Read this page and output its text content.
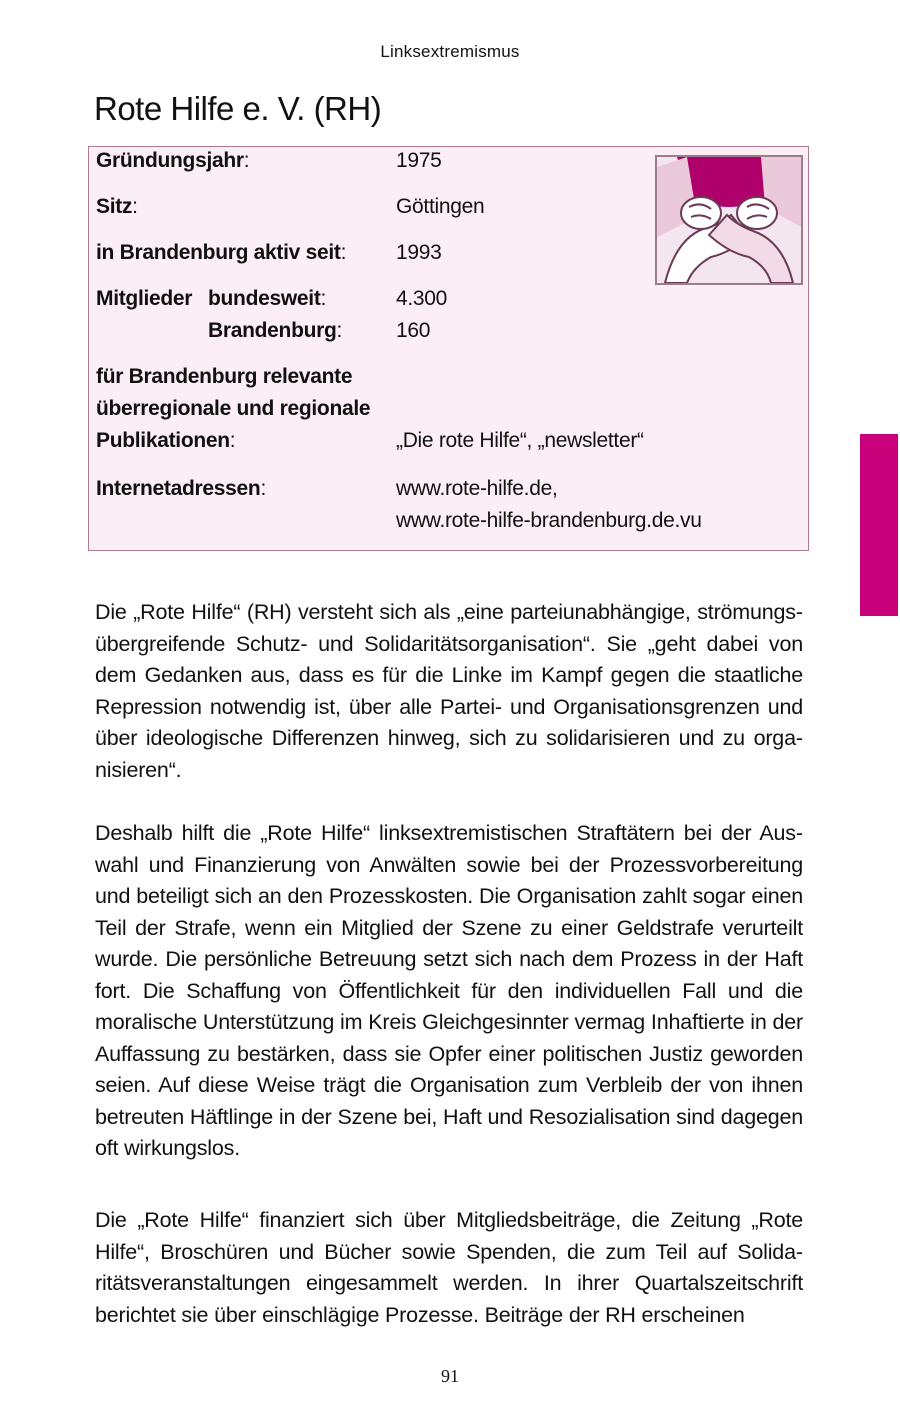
Linksextremismus
Rote Hilfe e. V. (RH)
Gründungsjahr:	1975
Sitz:	Göttingen
in Brandenburg aktiv seit: 1993
Mitglieder bundesweit:	4.300
Brandenburg:	160
für Brandenburg relevante
überregionale und regionale
Publikationen:	„Die rote Hilfe“, „newsletter“
Internetadressen:	www.rote-hilfe.de,
www.rote-hilfe-brandenburg.de.vu

Die „Rote Hilfe“ (RH) versteht sich als „eine parteiunabhängige, strömungsübergreifende Schutz- und Solidaritätsorganisation“. Sie „geht dabei von dem Gedanken aus, dass es für die Linke im Kampf gegen die staatliche Repression notwendig ist, über alle Partei- und Organisationsgrenzen und über ideologische Differenzen hinweg, sich zu solidarisieren und zu organisieren“.

Deshalb hilft die „Rote Hilfe“ linksextremistischen Straftätern bei der Auswahl und Finanzierung von Anwälten sowie bei der Prozessvorbereitung und beteiligt sich an den Prozesskosten. Die Organisation zahlt sogar einen Teil der Strafe, wenn ein Mitglied der Szene zu einer Geldstrafe verurteilt wurde. Die persönliche Betreuung setzt sich nach dem Prozess in der Haft fort. Die Schaffung von Öffentlichkeit für den individuellen Fall und die moralische Unterstützung im Kreis Gleichgesinnter vermag Inhaftierte in der Auffassung zu bestärken, dass sie Opfer einer politischen Justiz geworden seien. Auf diese Weise trägt die Organisation zum Verbleib der von ihnen betreuten Häftlinge in der Szene bei, Haft und Resozialisation sind dagegen oft wirkungslos.

Die „Rote Hilfe“ finanziert sich über Mitgliedsbeiträge, die Zeitung „Rote Hilfe“, Broschüren und Bücher sowie Spenden, die zum Teil auf Solidaritätsveranstaltungen eingesammelt werden. In ihrer Quartalszeitschrift berichtet sie über einschlägige Prozesse. Beiträge der RH erscheinen

91
